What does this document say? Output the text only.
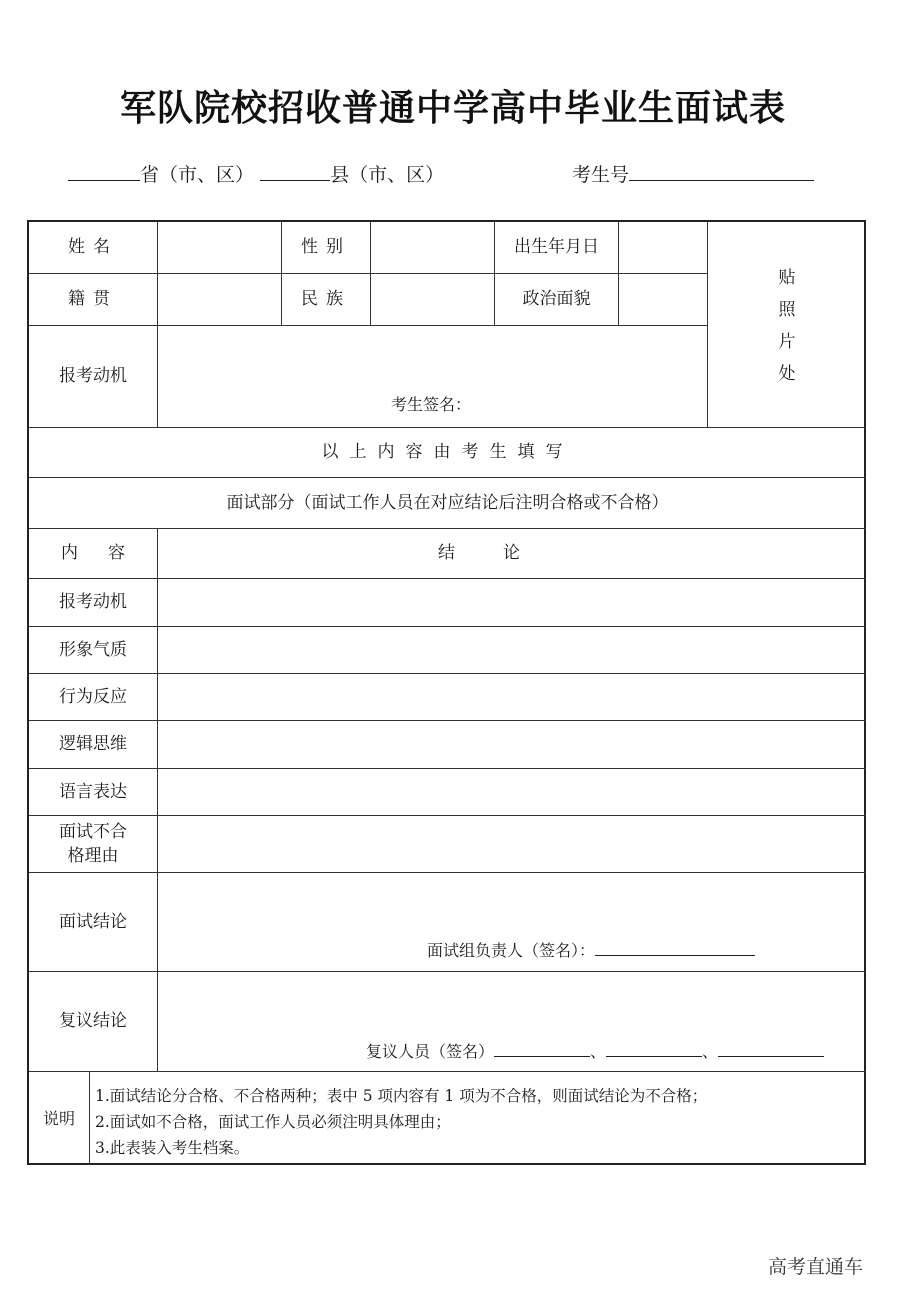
军队院校招收普通中学高中毕业生面试表
省（市、区）	县（市、区）	考生号
姓名	性别	出生年月日
籍贯	民族	政治面貌
贴
照
片
处
报考动机
考生签名：
以上内容由考生填写
面试部分（面试工作人员在对应结论后注明合格或不合格）
内容	结论
报考动机
形象气质
行为反应
逻辑思维
语言表达
面试不合
格理由
面试结论
面试组负责人（签名）：
复议结论
复议人员（签名）	、	、
说明
1.面试结论分合格、不合格两种；表中 5 项内容有 1 项为不合格，则面试结论为不合格；
2.面试如不合格，面试工作人员必须注明具体理由；
3.此表装入考生档案。
高考直通车
